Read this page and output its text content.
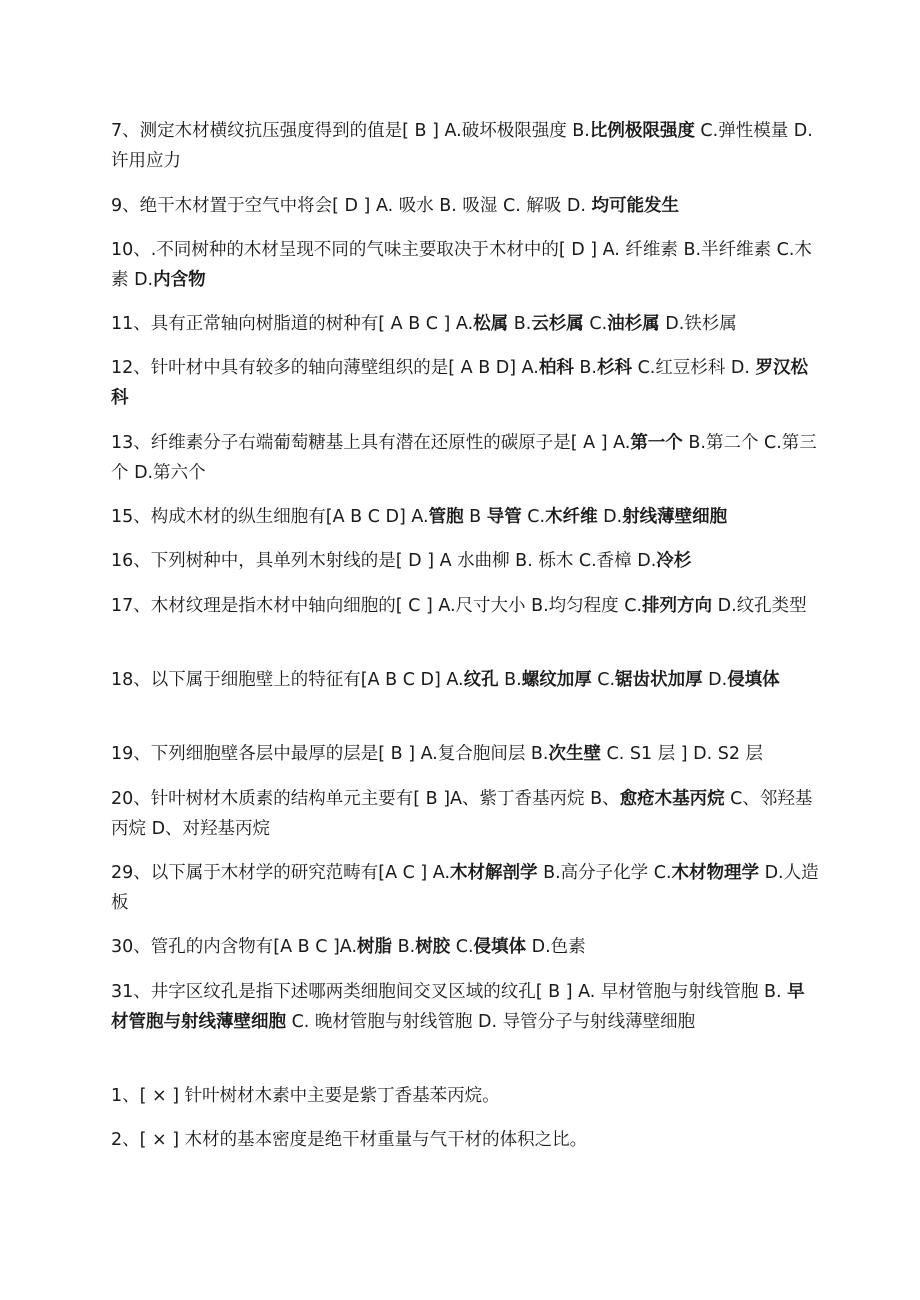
7、测定木材横纹抗压强度得到的值是[ B ] A.破坏极限强度 B.比例极限强度 C.弹性模量 D.许用应力
9、绝干木材置于空气中将会[ D ] A. 吸水 B. 吸湿 C. 解吸 D. 均可能发生
10、.不同树种的木材呈现不同的气味主要取决于木材中的[ D ] A. 纤维素 B.半纤维素 C.木素 D.内含物
11、具有正常轴向树脂道的树种有[ A B C ] A.松属 B.云杉属 C.油杉属 D.铁杉属
12、针叶材中具有较多的轴向薄壁组织的是[ A B D] A.柏科 B.杉科 C.红豆杉科 D. 罗汉松科
13、纤维素分子右端葡萄糖基上具有潜在还原性的碳原子是[ A ] A.第一个 B.第二个 C.第三个 D.第六个
15、构成木材的纵生细胞有[A B C D] A.管胞 B 导管 C.木纤维 D.射线薄壁细胞
16、下列树种中，具单列木射线的是[ D ] A 水曲柳 B. 栎木 C.香樟 D.冷杉
17、木材纹理是指木材中轴向细胞的[ C ] A.尺寸大小 B.均匀程度 C.排列方向 D.纹孔类型
18、以下属于细胞壁上的特征有[A B C D] A.纹孔 B.螺纹加厚 C.锯齿状加厚 D.侵填体
19、下列细胞壁各层中最厚的层是[ B ] A.复合胞间层 B.次生壁 C. S1 层 ] D. S2 层
20、针叶树材木质素的结构单元主要有[ B ]A、紫丁香基丙烷 B、愈疮木基丙烷 C、邻羟基丙烷 D、对羟基丙烷
29、以下属于木材学的研究范畴有[A C ] A.木材解剖学 B.高分子化学 C.木材物理学 D.人造板
30、管孔的内含物有[A B C ]A.树脂 B.树胶 C.侵填体 D.色素
31、井字区纹孔是指下述哪两类细胞间交叉区域的纹孔[ B ] A. 早材管胞与射线管胞 B. 早材管胞与射线薄壁细胞 C. 晚材管胞与射线管胞 D. 导管分子与射线薄壁细胞
1、[ × ] 针叶树材木素中主要是紫丁香基苯丙烷。
2、[ × ] 木材的基本密度是绝干材重量与气干材的体积之比。
